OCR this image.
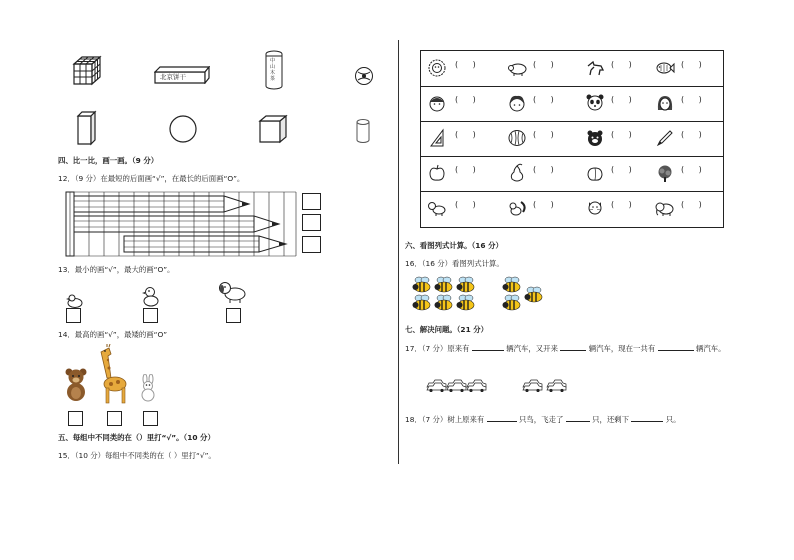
北京饼干
中山木茶
四、比一比，画一画。（9 分）
12．（9 分）在最短的后面画“√”，在最长的后面画“O”。
13．最小的画“√”，最大的画“O”。
14．最高的画“√”，最矮的画“O”
五、每组中不同类的在（）里打“√”。（10 分）
15．（10 分）每组中不同类的在（ ）里打“√”。
( )	( )	( )	( )
( )	( )	( )	( )
( )	( )	( )	( )
( )	( )	( )	( )
( )	( )	( )	( )
六、看图列式计算。（16 分）
16．（16 分）看图列式计算。
七、解决问题。（21 分）
17．（7 分）原来有	辆汽车，又开来	辆汽车，现在一共有	辆汽车。
18．（7 分）树上原来有	只鸟，飞走了	只，还剩下	只。
